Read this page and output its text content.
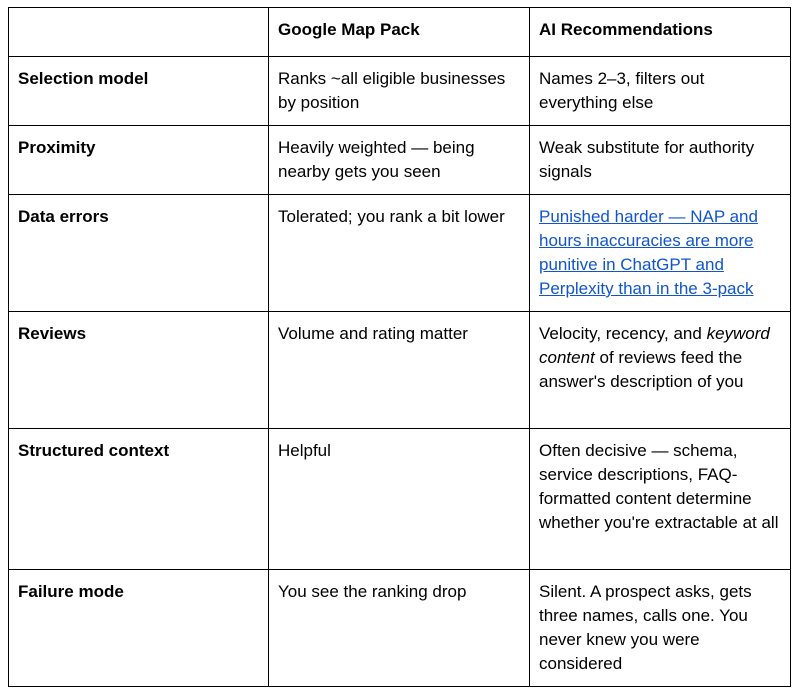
	Google Map Pack	AI Recommendations
Selection model	Ranks ~all eligible businesses by position	Names 2–3, filters out everything else
Proximity	Heavily weighted — being nearby gets you seen	Weak substitute for authority signals
Data errors	Tolerated; you rank a bit lower	Punished harder — NAP and hours inaccuracies are more punitive in ChatGPT and Perplexity than in the 3-pack
Reviews	Volume and rating matter	Velocity, recency, and keyword content of reviews feed the answer's description of you
Structured context	Helpful	Often decisive — schema, service descriptions, FAQ-formatted content determine whether you're extractable at all
Failure mode	You see the ranking drop	Silent. A prospect asks, gets three names, calls one. You never knew you were considered
